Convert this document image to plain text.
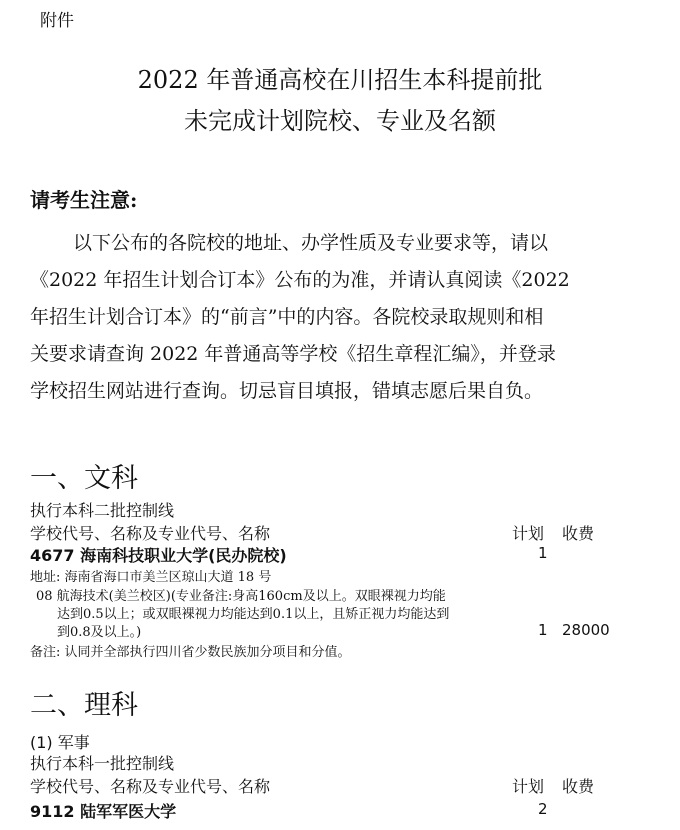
附件
2022 年普通高校在川招生本科提前批
未完成计划院校、专业及名额
请考生注意:
以下公布的各院校的地址、办学性质及专业要求等，请以
《2022 年招生计划合订本》公布的为准，并请认真阅读《2022
年招生计划合订本》的“前言”中的内容。各院校录取规则和相
关要求请查询 2022 年普通高等学校《招生章程汇编》，并登录
学校招生网站进行查询。切忌盲目填报，错填志愿后果自负。
一、文科
执行本科二批控制线
学校代号、名称及专业代号、名称	计划 收费
4677 海南科技职业大学(民办院校)	1
地址: 海南省海口市美兰区琼山大道 18 号
08 航海技术(美兰校区)(专业备注:身高160cm及以上。双眼裸视力均能
达到0.5以上；或双眼裸视力均能达到0.1以上，且矫正视力均能达到
到0.8及以上。)	1 28000
备注: 认同并全部执行四川省少数民族加分项目和分值。
二、理科
(1) 军事
执行本科一批控制线
学校代号、名称及专业代号、名称	计划 收费
9112 陆军军医大学	2
